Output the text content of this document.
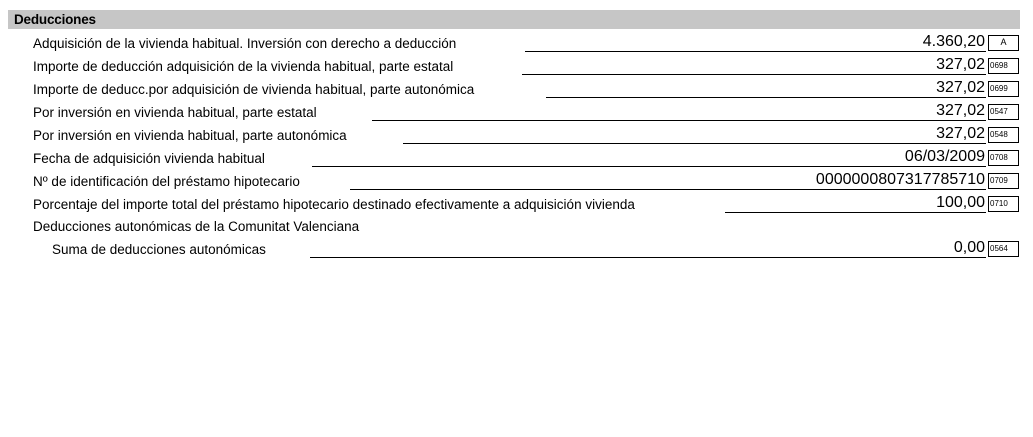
Deducciones
Adquisición de la vivienda habitual. Inversión con derecho a deducción	4.360,20	A
Importe de deducción adquisición de la vivienda habitual, parte estatal	327,02 0698
Importe de deducc.por adquisición de vivienda habitual, parte autonómica	327,02 0699
Por inversión en vivienda habitual, parte estatal	327,02 0547
Por inversión en vivienda habitual, parte autonómica	327,02 0548
Fecha de adquisición vivienda habitual	06/03/2009 0708
Nº de identificación del préstamo hipotecario	0000000807317785710 0709
Porcentaje del importe total del préstamo hipotecario destinado efectivamente a adquisición vivienda	100,00 0710
Deducciones autonómicas de la Comunitat Valenciana
Suma de deducciones autonómicas	0,00 0564
